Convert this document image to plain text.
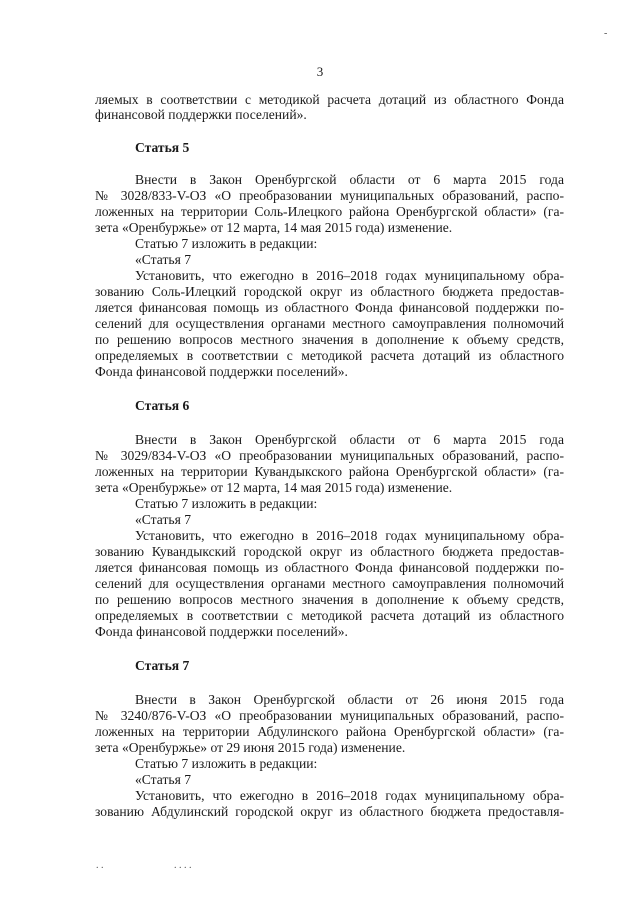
3
-
. .	. . . .
ляемых в соответствии с методикой расчета дотаций из областного Фонда
финансовой поддержки поселений».
Статья 5
Внести в Закон Оренбургской области от 6 марта 2015 года
№ 3028/833-V-ОЗ «О преобразовании муниципальных образований, распо-
ложенных на территории Соль-Илецкого района Оренбургской области» (га-
зета «Оренбуржье» от 12 марта, 14 мая 2015 года) изменение.
Статью 7 изложить в редакции:
«Статья 7
Установить, что ежегодно в 2016–2018 годах муниципальному обра-
зованию Соль-Илецкий городской округ из областного бюджета предостав-
ляется финансовая помощь из областного Фонда финансовой поддержки по-
селений для осуществления органами местного самоуправления полномочий
по решению вопросов местного значения в дополнение к объему средств,
определяемых в соответствии с методикой расчета дотаций из областного
Фонда финансовой поддержки поселений».
Статья 6
Внести в Закон Оренбургской области от 6 марта 2015 года
№ 3029/834-V-ОЗ «О преобразовании муниципальных образований, распо-
ложенных на территории Кувандыкского района Оренбургской области» (га-
зета «Оренбуржье» от 12 марта, 14 мая 2015 года) изменение.
Статью 7 изложить в редакции:
«Статья 7
Установить, что ежегодно в 2016–2018 годах муниципальному обра-
зованию Кувандыкский городской округ из областного бюджета предостав-
ляется финансовая помощь из областного Фонда финансовой поддержки по-
селений для осуществления органами местного самоуправления полномочий
по решению вопросов местного значения в дополнение к объему средств,
определяемых в соответствии с методикой расчета дотаций из областного
Фонда финансовой поддержки поселений».
Статья 7
Внести в Закон Оренбургской области от 26 июня 2015 года
№ 3240/876-V-ОЗ «О преобразовании муниципальных образований, распо-
ложенных на территории Абдулинского района Оренбургской области» (га-
зета «Оренбуржье» от 29 июня 2015 года) изменение.
Статью 7 изложить в редакции:
«Статья 7
Установить, что ежегодно в 2016–2018 годах муниципальному обра-
зованию Абдулинский городской округ из областного бюджета предоставля-
